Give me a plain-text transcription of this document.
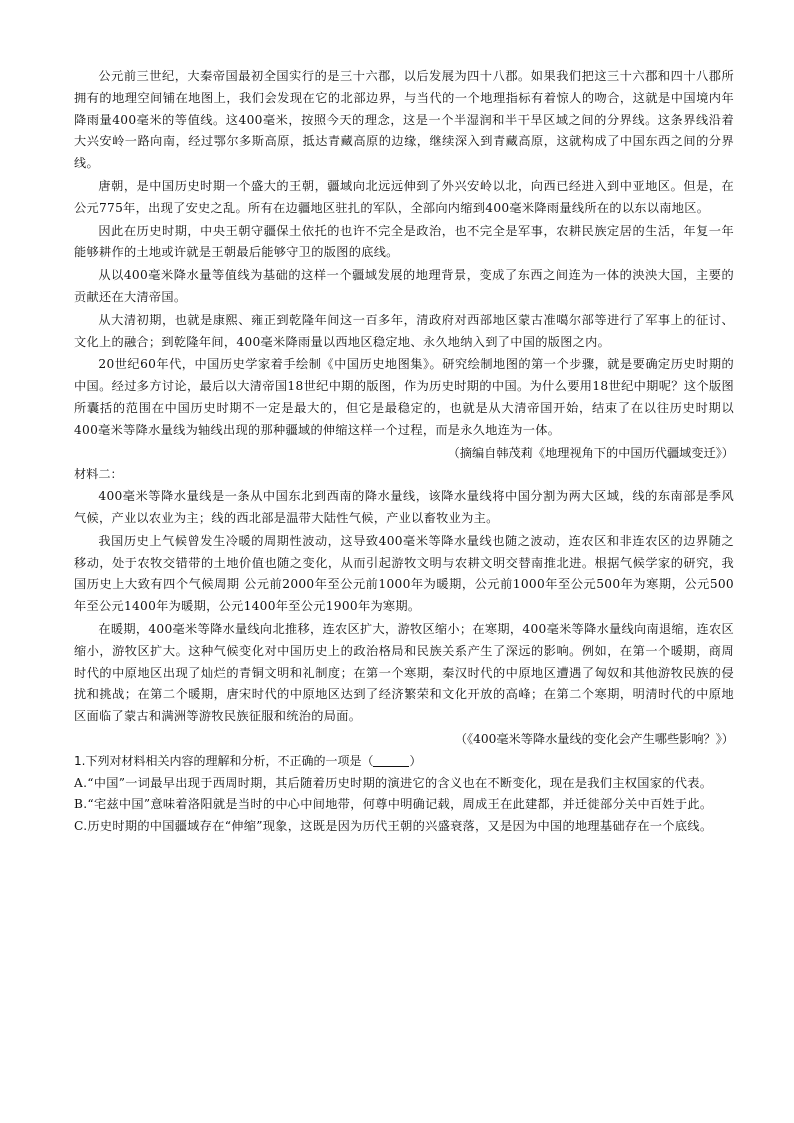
公元前三世纪，大秦帝国最初全国实行的是三十六郡，以后发展为四十八郡。如果我们把这三十六郡和四十八郡所拥有的地理空间铺在地图上，我们会发现在它的北部边界，与当代的一个地理指标有着惊人的吻合，这就是中国境内年降雨量400毫米的等值线。这400毫米，按照今天的理念，这是一个半湿润和半干旱区域之间的分界线。这条界线沿着大兴安岭一路向南，经过鄂尔多斯高原，抵达青藏高原的边缘，继续深入到青藏高原，这就构成了中国东西之间的分界线。

唐朝，是中国历史时期一个盛大的王朝，疆域向北远远伸到了外兴安岭以北，向西已经进入到中亚地区。但是，在公元775年，出现了安史之乱。所有在边疆地区驻扎的军队，全部向内缩到400毫米降雨量线所在的以东以南地区。

因此在历史时期，中央王朝守疆保土依托的也许不完全是政治，也不完全是军事，农耕民族定居的生活，年复一年能够耕作的土地或许就是王朝最后能够守卫的版图的底线。

从以400毫米降水量等值线为基础的这样一个疆域发展的地理背景，变成了东西之间连为一体的泱泱大国，主要的贡献还在大清帝国。

从大清初期，也就是康熙、雍正到乾隆年间这一百多年，清政府对西部地区蒙古准噶尔部等进行了军事上的征讨、文化上的融合；到乾隆年间，400毫米降雨量以西地区稳定地、永久地纳入到了中国的版图之内。

20世纪60年代，中国历史学家着手绘制《中国历史地图集》。研究绘制地图的第一个步骤，就是要确定历史时期的中国。经过多方讨论，最后以大清帝国18世纪中期的版图，作为历史时期的中国。为什么要用18世纪中期呢？这个版图所囊括的范围在中国历史时期不一定是最大的，但它是最稳定的，也就是从大清帝国开始，结束了在以往历史时期以400毫米等降水量线为轴线出现的那种疆域的伸缩这样一个过程，而是永久地连为一体。

（摘编自韩茂莉《地理视角下的中国历代疆域变迁》）

材料二：

400毫米等降水量线是一条从中国东北到西南的降水量线，该降水量线将中国分割为两大区域，线的东南部是季风气候，产业以农业为主；线的西北部是温带大陆性气候，产业以畜牧业为主。

我国历史上气候曾发生冷暖的周期性波动，这导致400毫米等降水量线也随之波动，连农区和非连农区的边界随之移动，处于农牧交错带的土地价值也随之变化，从而引起游牧文明与农耕文明交替南推北进。根据气候学家的研究，我国历史上大致有四个气候周期 公元前2000年至公元前1000年为暖期，公元前1000年至公元500年为寒期，公元500年至公元1400年为暖期，公元1400年至公元1900年为寒期。

在暖期，400毫米等降水量线向北推移，连农区扩大，游牧区缩小；在寒期，400毫米等降水量线向南退缩，连农区缩小，游牧区扩大。这种气候变化对中国历史上的政治格局和民族关系产生了深远的影响。例如，在第一个暖期，商周时代的中原地区出现了灿烂的青铜文明和礼制度；在第一个寒期，秦汉时代的中原地区遭遇了匈奴和其他游牧民族的侵扰和挑战；在第二个暖期，唐宋时代的中原地区达到了经济繁荣和文化开放的高峰；在第二个寒期，明清时代的中原地区面临了蒙古和满洲等游牧民族征服和统治的局面。

（《400毫米等降水量线的变化会产生哪些影响？》）

1.下列对材料相关内容的理解和分析，不正确的一项是（	）

A.“中国”一词最早出现于西周时期，其后随着历史时期的演进它的含义也在不断变化，现在是我们主权国家的代表。

B.“宅兹中国”意味着洛阳就是当时的中心中间地带，何尊中明确记载，周成王在此建都，并迁徙部分关中百姓于此。

C.历史时期的中国疆域存在“伸缩”现象，这既是因为历代王朝的兴盛衰落，又是因为中国的地理基础存在一个底线。
